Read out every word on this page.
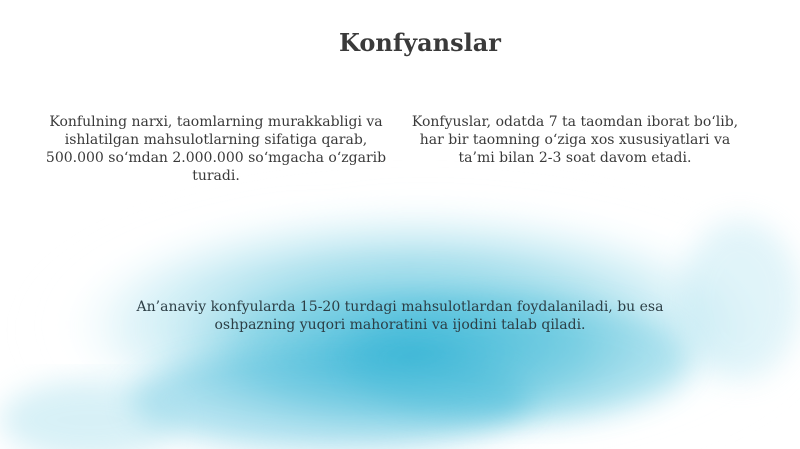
Konfyanslar
Konfulning narxi, taomlarning murakkabligi va ishlatilgan mahsulotlarning sifatiga qarab, 500.000 so‘mdan 2.000.000 so‘mgacha o‘zgarib turadi.
Konfyuslar, odatda 7 ta taomdan iborat bo‘lib, har bir taomning o‘ziga xos xususiyatlari va ta’mi bilan 2-3 soat davom etadi.
An’anaviy konfyularda 15-20 turdagi mahsulotlardan foydalaniladi, bu esa oshpazning yuqori mahoratini va ijodini talab qiladi.
